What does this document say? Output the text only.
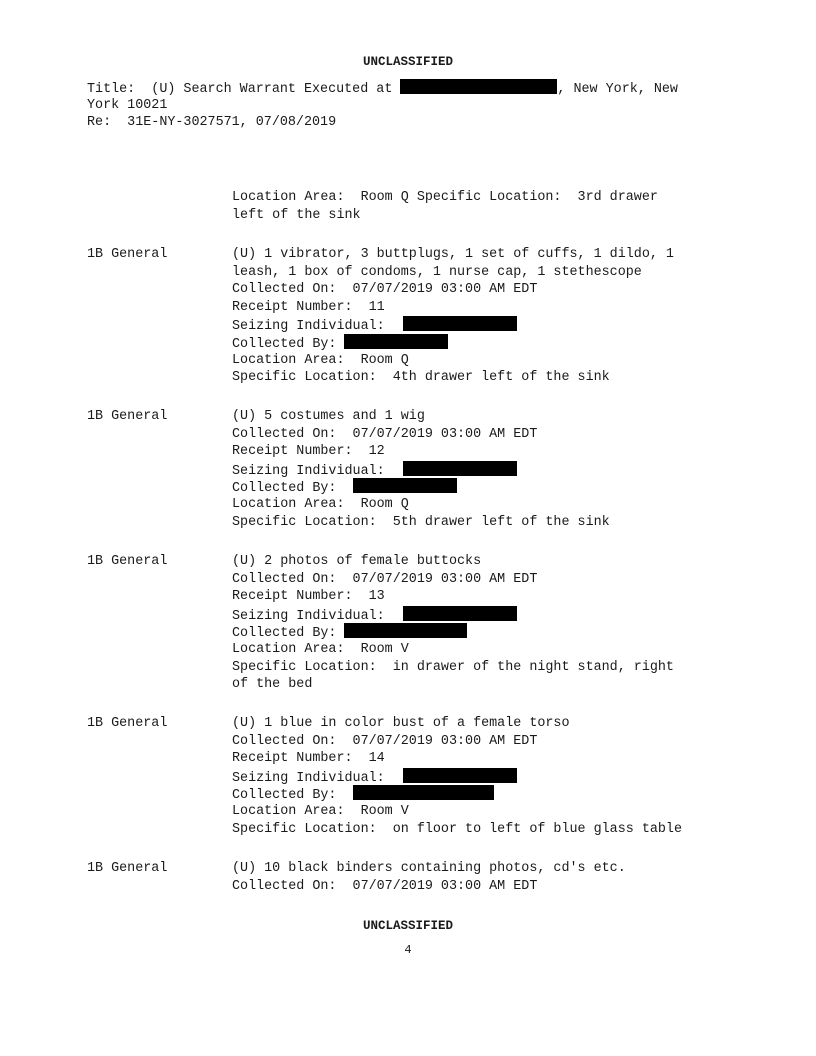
UNCLASSIFIED
Title:  (U) Search Warrant Executed at	, New York, New
York 10021
Re:  31E-NY-3027571, 07/08/2019
Location Area:  Room Q Specific Location:  3rd drawer
left of the sink
1B General	(U) 1 vibrator, 3 buttplugs, 1 set of cuffs, 1 dildo, 1
leash, 1 box of condoms, 1 nurse cap, 1 stethescope
Collected On:  07/07/2019 03:00 AM EDT
Receipt Number:  11
Seizing Individual:
Collected By:
Location Area:  Room Q
Specific Location:  4th drawer left of the sink
1B General	(U) 5 costumes and 1 wig
Collected On:  07/07/2019 03:00 AM EDT
Receipt Number:  12
Seizing Individual:
Collected By:
Location Area:  Room Q
Specific Location:  5th drawer left of the sink
1B General	(U) 2 photos of female buttocks
Collected On:  07/07/2019 03:00 AM EDT
Receipt Number:  13
Seizing Individual:
Collected By:
Location Area:  Room V
Specific Location:  in drawer of the night stand, right
of the bed
1B General	(U) 1 blue in color bust of a female torso
Collected On:  07/07/2019 03:00 AM EDT
Receipt Number:  14
Seizing Individual:
Collected By:
Location Area:  Room V
Specific Location:  on floor to left of blue glass table
1B General	(U) 10 black binders containing photos, cd's etc.
Collected On:  07/07/2019 03:00 AM EDT
UNCLASSIFIED
4
